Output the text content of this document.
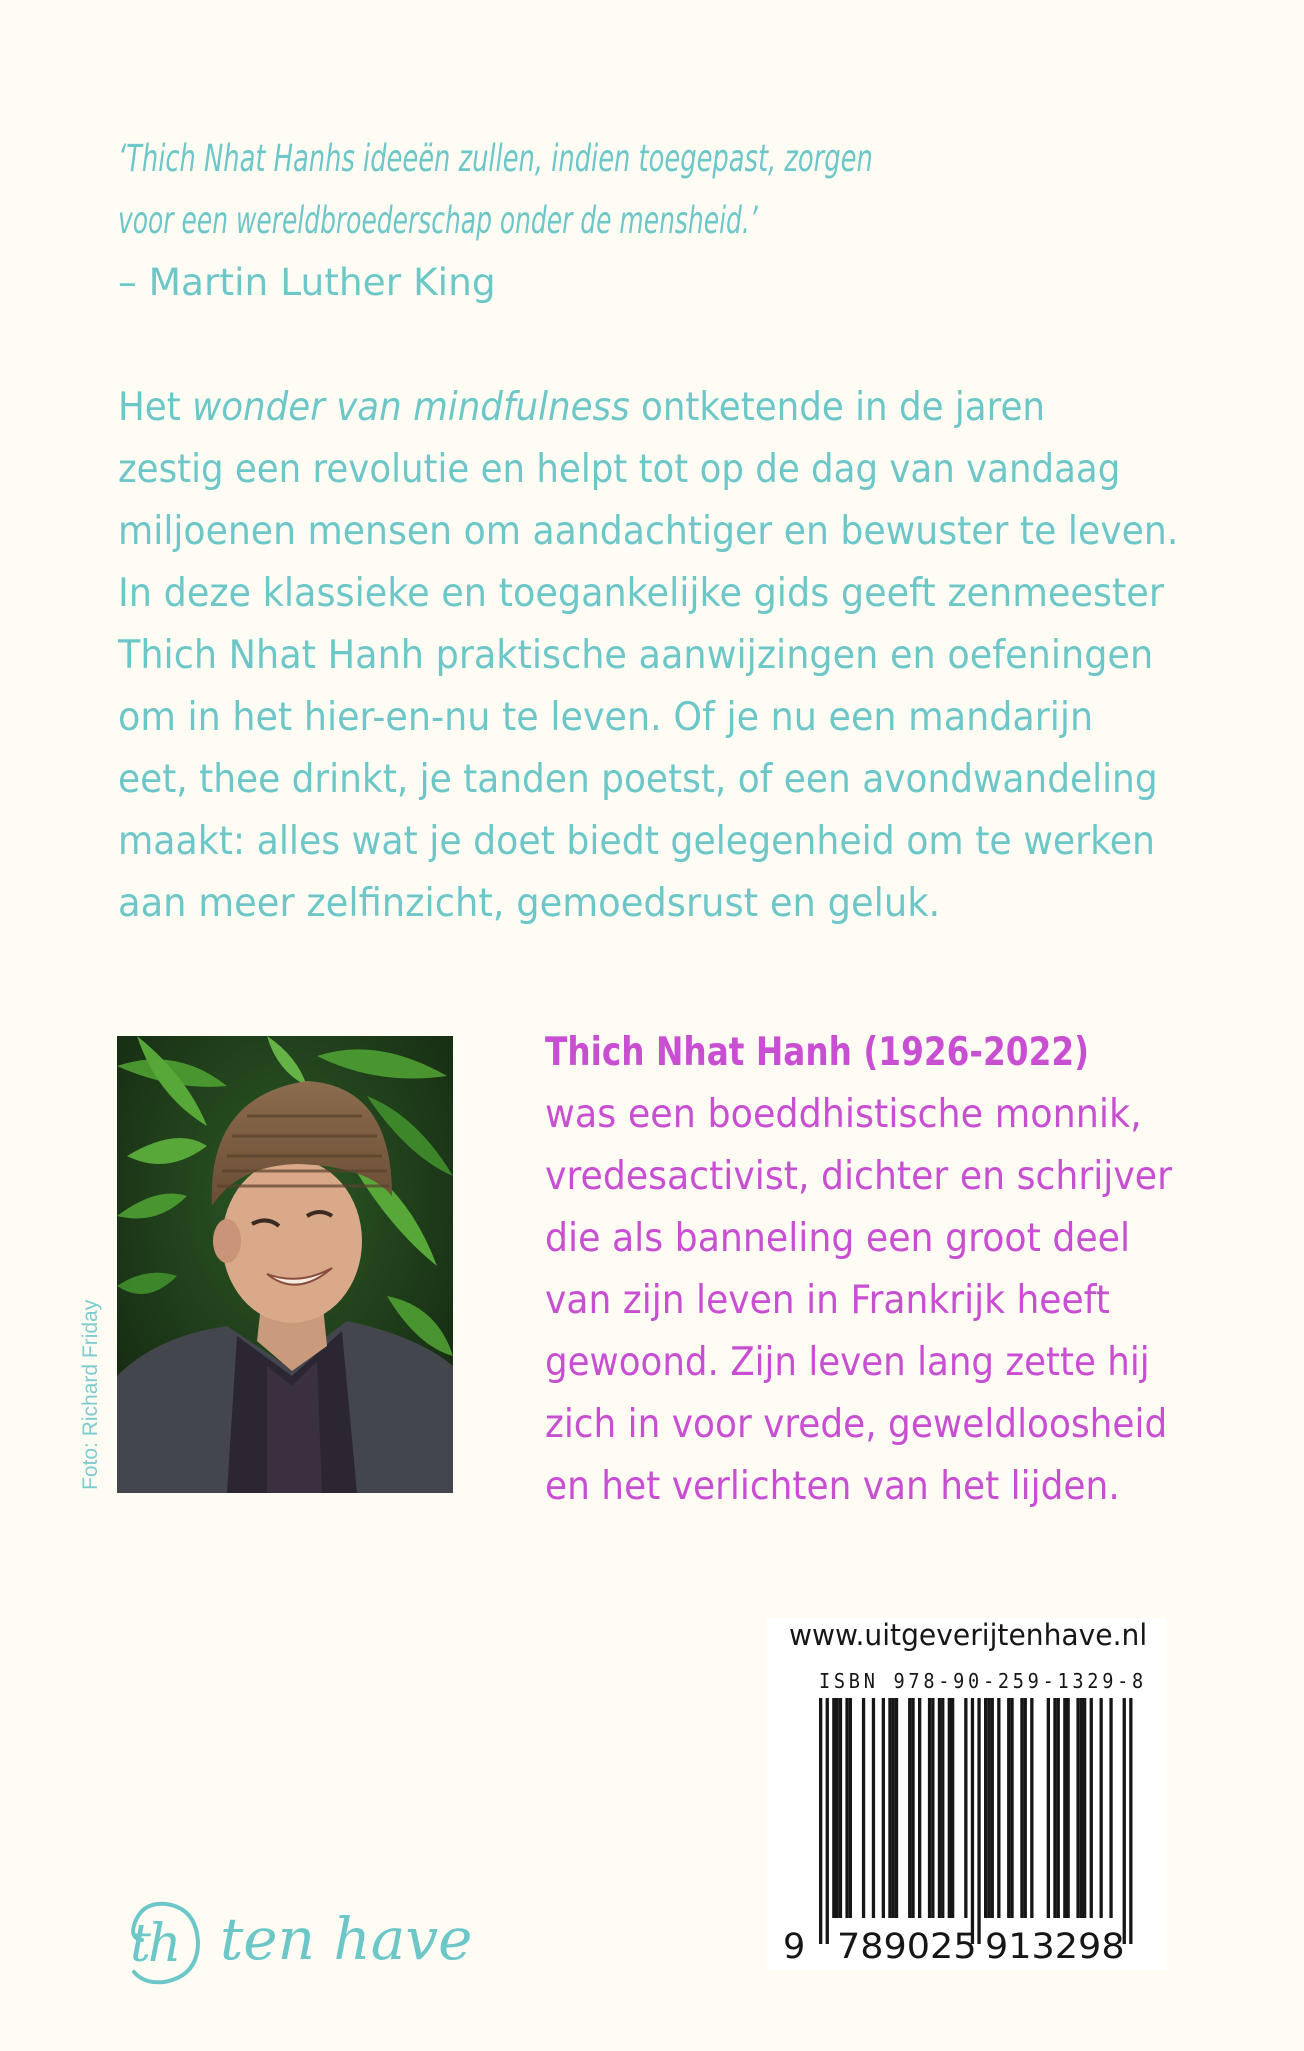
‘Thich Nhat Hanhs ideeën zullen, indien toegepast, zorgen
voor een wereldbroederschap onder de mensheid.’
– Martin Luther King
Het wonder van mindfulness ontketende in de jaren
zestig een revolutie en helpt tot op de dag van vandaag
miljoenen mensen om aandachtiger en bewuster te leven.
In deze klassieke en toegankelijke gids geeft zenmeester
Thich Nhat Hanh praktische aanwijzingen en oefeningen
om in het hier-en-nu te leven. Of je nu een mandarijn
eet, thee drinkt, je tanden poetst, of een avondwandeling
maakt: alles wat je doet biedt gelegenheid om te werken
aan meer zelfinzicht, gemoedsrust en geluk.
Foto: Richard Friday
Thich Nhat Hanh (1926-2022)
was een boeddhistische monnik,
vredesactivist, dichter en schrijver
die als banneling een groot deel
van zijn leven in Frankrijk heeft
gewoond. Zijn leven lang zette hij
zich in voor vrede, geweldloosheid
en het verlichten van het lijden.
www.uitgeverijtenhave.nl
ISBN 978-90-259-1329-8
9 789025 913298
th ten have
